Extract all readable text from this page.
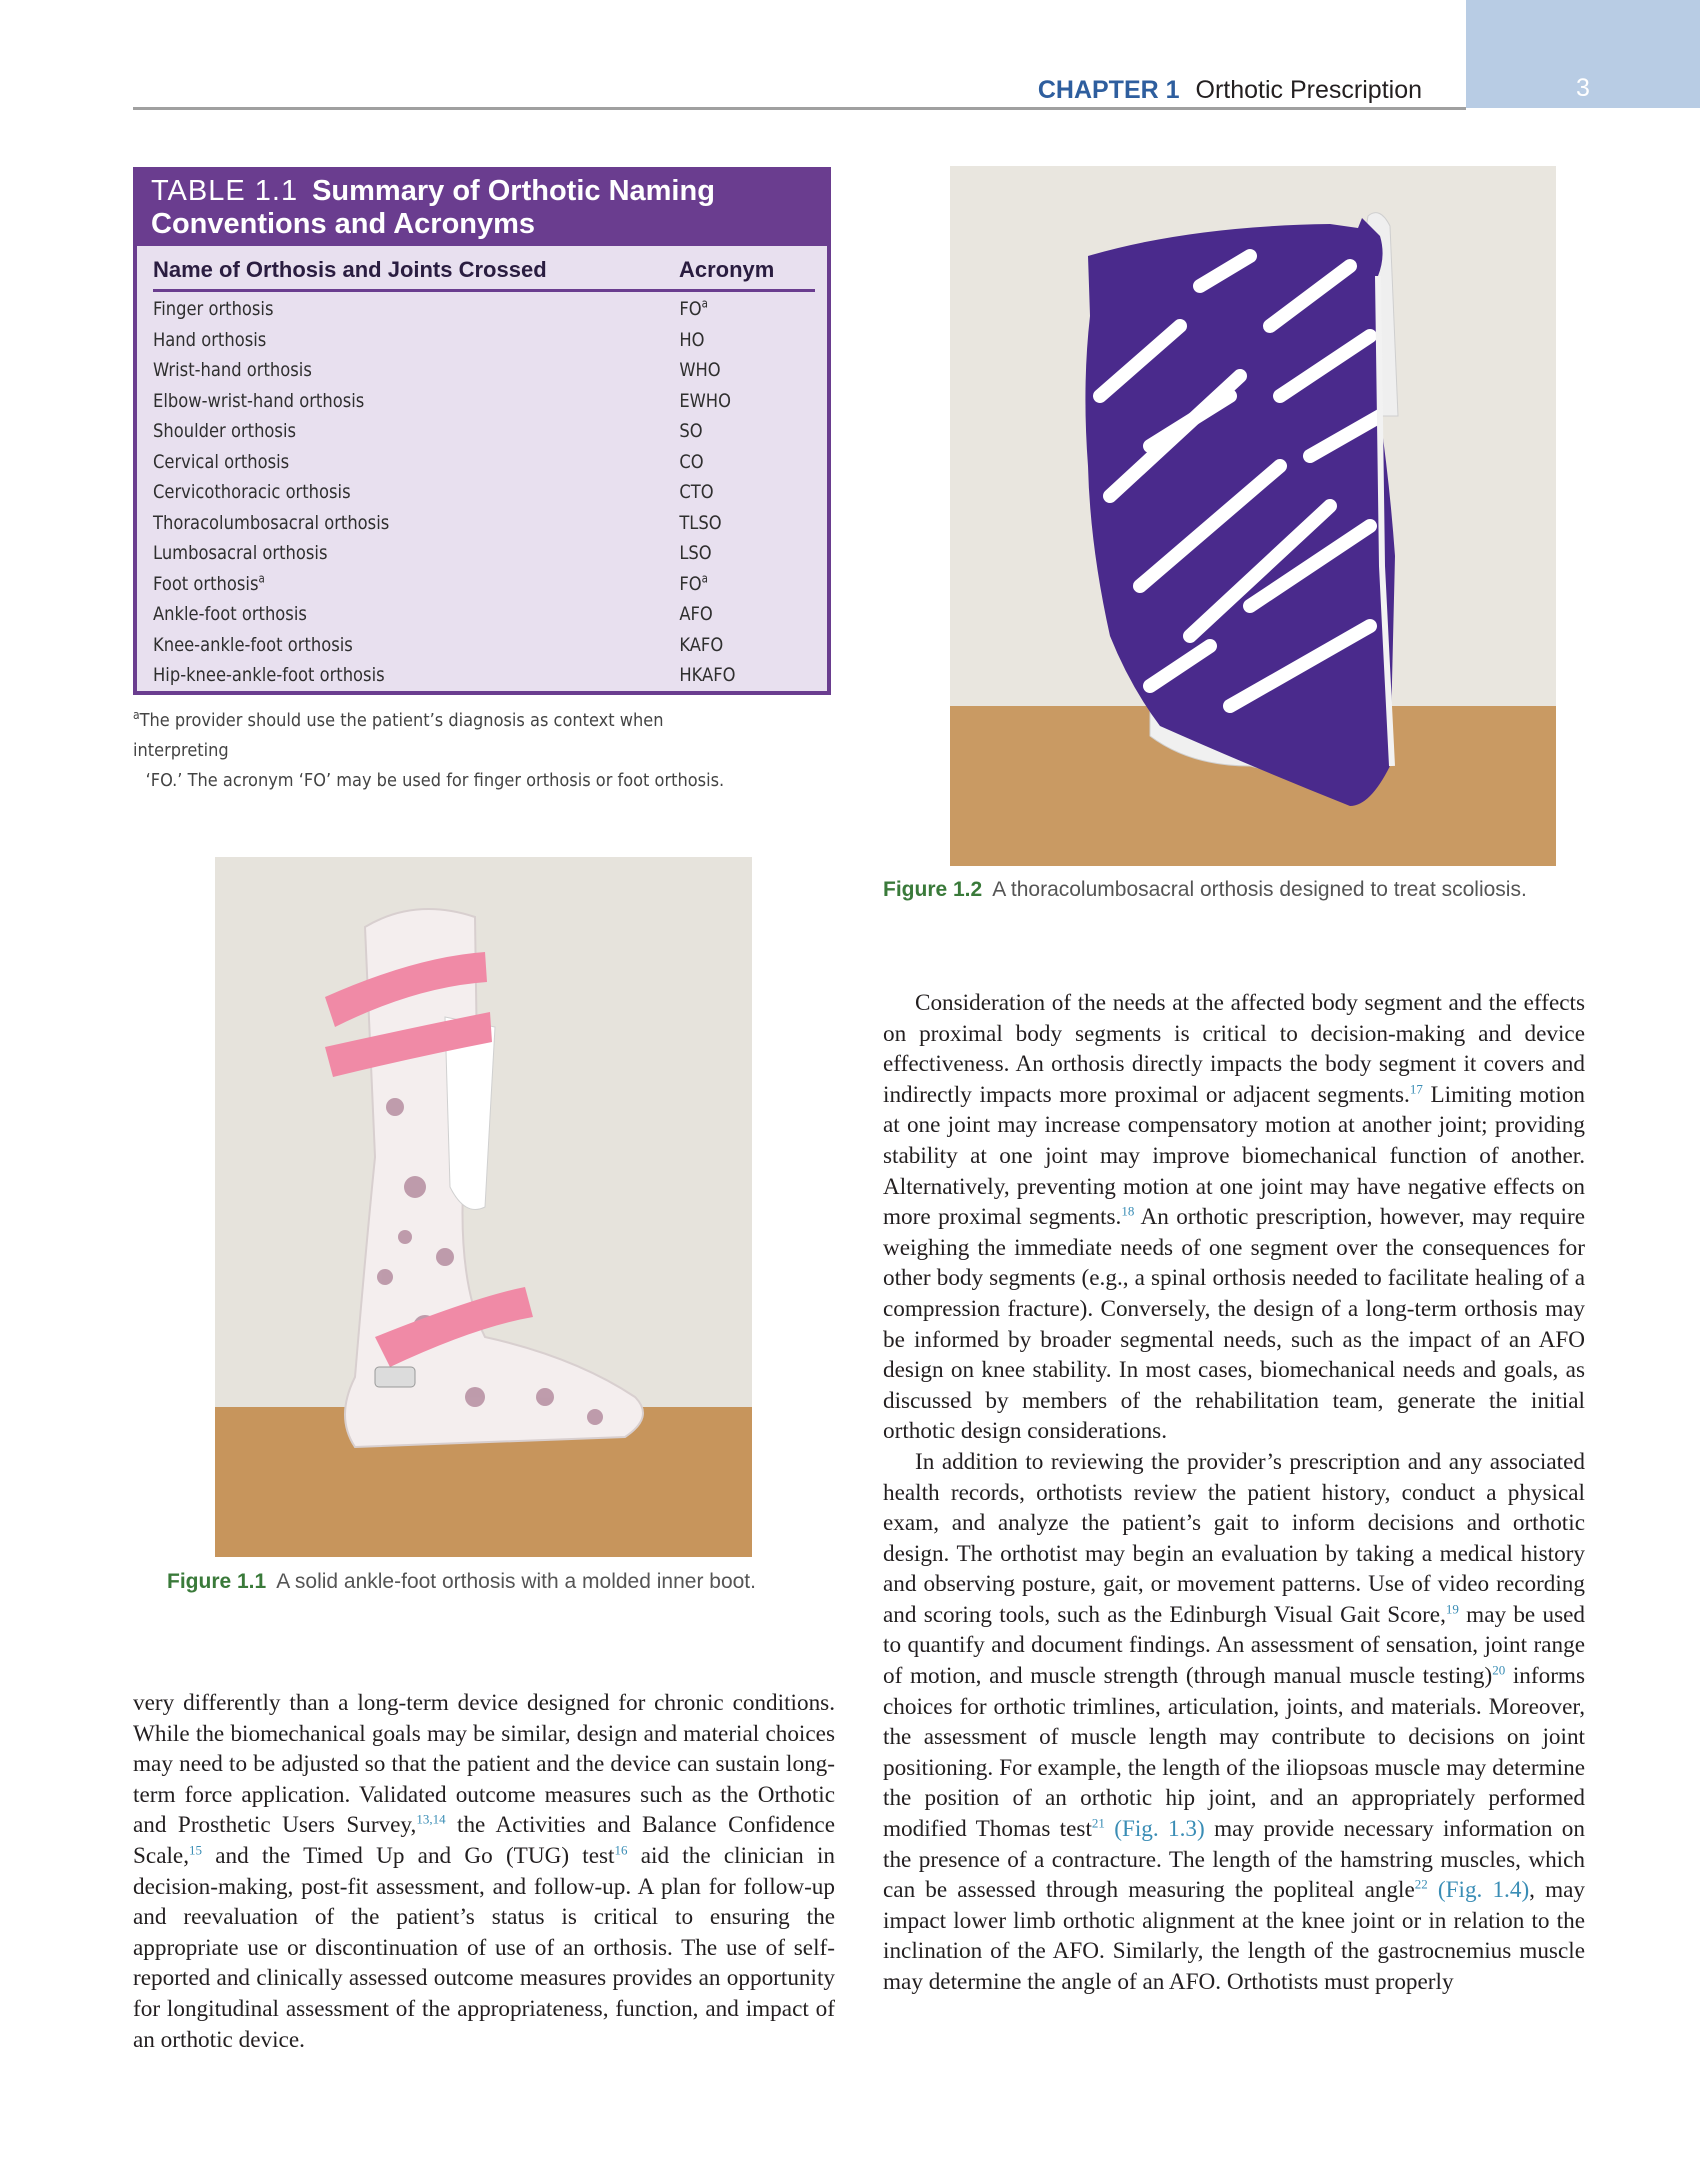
3
CHAPTER 1 Orthotic Prescription
TABLE 1.1 Summary of Orthotic Naming Conventions and Acronyms
Name of Orthosis and Joints Crossed	Acronym
Finger orthosis	FO$^a$
Hand orthosis	HO
Wrist-hand orthosis	WHO
Elbow-wrist-hand orthosis	EWHO
Shoulder orthosis	SO
Cervical orthosis	CO
Cervicothoracic orthosis	CTO
Thoracolumbosacral orthosis	TLSO
Lumbosacral orthosis	LSO
Foot orthosis$^a$	FO$^a$
Ankle-foot orthosis	AFO
Knee-ankle-foot orthosis	KAFO
Hip-knee-ankle-foot orthosis	HKAFO
$^a$The provider should use the patient’s diagnosis as context when interpreting
‘FO.’ The acronym ‘FO’ may be used for finger orthosis or foot orthosis.
Figure 1.2 A thoracolumbosacral orthosis designed to treat scoliosis.
Figure 1.1 A solid ankle-foot orthosis with a molded inner boot.

Consideration of the needs at the affected body segment and the effects on proximal body segments is critical to decision-making and device effectiveness. An orthosis directly impacts the body segment it covers and indirectly impacts more proximal or adjacent segments.$^{17}$ Limiting motion at one joint may increase compensatory motion at another joint; providing stability at one joint may improve biomechanical function of another. Alternatively, preventing motion at one joint may have negative effects on more proximal segments.$^{18}$ An orthotic prescription, however, may require weighing the immediate needs of one segment over the consequences for other body segments (e.g., a spinal orthosis needed to facilitate healing of a compression fracture). Conversely, the design of a long-term orthosis may be informed by broader segmental needs, such as the impact of an AFO design on knee stability. In most cases, biomechanical needs and goals, as discussed by members of the rehabilitation team, generate the initial orthotic design considerations.

In addition to reviewing the provider’s prescription and any associated health records, orthotists review the patient history, conduct a physical exam, and analyze the patient’s gait to inform decisions and orthotic design. The orthotist may begin an evaluation by taking a medical history and observing posture, gait, or movement patterns. Use of video recording and scoring tools, such as the Edinburgh Visual Gait Score,$^{19}$ may be used to quantify and document findings. An assessment of sensation, joint range of motion, and muscle strength (through manual muscle testing)$^{20}$ informs choices for orthotic trimlines, articulation, joints, and materials. Moreover, the assessment of muscle length may contribute to decisions on joint positioning. For example, the length of the iliopsoas muscle may determine the position of an orthotic hip joint, and an appropriately performed modified Thomas test$^{21}$ (Fig. 1.3) may provide necessary information on the presence of a contracture. The length of the hamstring muscles, which can be assessed through measuring the popliteal angle$^{22}$ (Fig. 1.4), may impact lower limb orthotic alignment at the knee joint or in relation to the inclination of the AFO. Similarly, the length of the gastrocnemius muscle may determine the angle of an AFO. Orthotists must properly

very differently than a long-term device designed for chronic conditions. While the biomechanical goals may be similar, design and material choices may need to be adjusted so that the patient and the device can sustain long-term force application. Validated outcome measures such as the Orthotic and Prosthetic Users Survey,$^{13,14}$ the Activities and Balance Confidence Scale,$^{15}$ and the Timed Up and Go (TUG) test$^{16}$ aid the clinician in decision-making, post-fit assessment, and follow-up. A plan for follow-up and reevaluation of the patient’s status is critical to ensuring the appropriate use or discontinuation of use of an orthosis. The use of self-reported and clinically assessed outcome measures provides an opportunity for longitudinal assessment of the appropriateness, function, and impact of an orthotic device.
